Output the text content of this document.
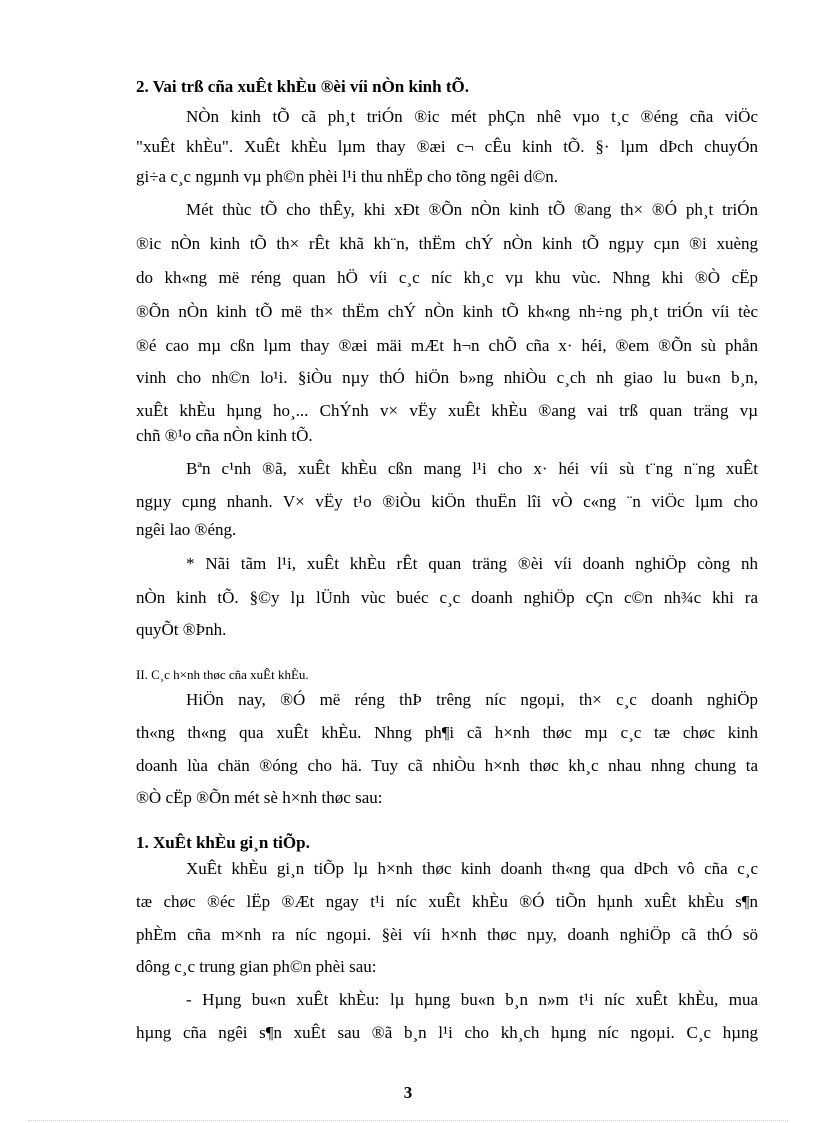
2. Vai trß cña xuÊt khÈu ®èi víi nÒn kinh tÕ.
NÒn kinh tÕ cã ph¸t triÓn ®ic mét phÇn nhê vµo t¸c ®éng cña viÖc
"xuÊt khÈu". XuÊt khÈu lµm thay ®æi c¬ cÊu kinh tÕ. §· lµm dÞch chuyÓn
gi÷a c¸c ngµnh vµ ph©n phèi l¹i thu nhËp cho tõng ngêi d©n.
Mét thùc tÕ cho thÊy, khi xÐt ®Õn nÒn kinh tÕ ®ang th× ®Ó ph¸t triÓn
®ic nÒn kinh tÕ th× rÊt khã kh¨n, thËm chÝ nÒn kinh tÕ ngµy cµn ®i xuèng
do kh«ng më réng quan hÖ víi c¸c níc kh¸c vµ khu vùc. Nhng khi ®Ò cËp
®Õn nÒn kinh tÕ më th× thËm chÝ nÒn kinh tÕ kh«ng nh÷ng ph¸t triÓn víi tèc
®é cao mµ cßn lµm thay ®æi mäi mÆt h¬n chÕ cña x· héi, ®em ®Õn sù phån
vinh cho nh©n lo¹i. §iÒu nµy thÓ hiÖn b»ng nhiÒu c¸ch nh giao lu bu«n b¸n,
xuÊt khÈu hµng ho¸... ChÝnh v× vËy xuÊt khÈu ®ang vai trß quan träng vµ
chñ ®¹o cña nÒn kinh tÕ.
Bªn c¹nh ®ã, xuÊt khÈu cßn mang l¹i cho x· héi víi sù t¨ng n¨ng xuÊt
ngµy cµng nhanh. V× vËy t¹o ®iÒu kiÖn thuËn lîi vÒ c«ng ¨n viÖc lµm cho
ngêi lao ®éng.
* Nãi tãm l¹i, xuÊt khÈu rÊt quan träng ®èi víi doanh nghiÖp còng nh
nÒn kinh tÕ. §©y lµ lÜnh vùc buéc c¸c doanh nghiÖp cÇn c©n nh¾c khi ra
quyÕt ®Þnh.
II. C¸c h×nh thøc cña xuÊt khÈu.
HiÖn nay, ®Ó më réng thÞ trêng níc ngoµi, th× c¸c doanh nghiÖp
th«ng th«ng qua xuÊt khÈu. Nhng ph¶i cã h×nh thøc mµ c¸c tæ chøc kinh
doanh lùa chän ®óng cho hä. Tuy cã nhiÒu h×nh thøc kh¸c nhau nhng chung ta
®Ò cËp ®Õn mét sè h×nh thøc sau:
1. XuÊt khÈu gi¸n tiÕp.
XuÊt khÈu gi¸n tiÕp lµ h×nh thøc kinh doanh th«ng qua dÞch vô cña c¸c
tæ chøc ®éc lËp ®Æt ngay t¹i níc xuÊt khÈu ®Ó tiÕn hµnh xuÊt khÈu s¶n
phÈm cña m×nh ra níc ngoµi. §èi víi h×nh thøc nµy, doanh nghiÖp cã thÓ sö
dông c¸c trung gian ph©n phèi sau:
- Hµng bu«n xuÊt khÈu: lµ hµng bu«n b¸n n»m t¹i níc xuÊt khÈu, mua
hµng cña ngêi s¶n xuÊt sau ®ã b¸n l¹i cho kh¸ch hµng níc ngoµi. C¸c hµng
3
